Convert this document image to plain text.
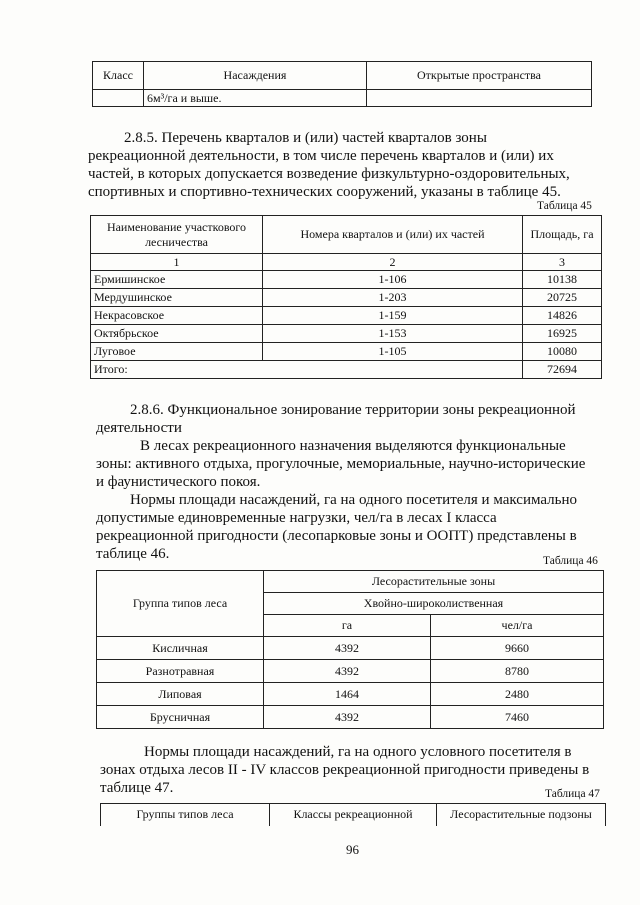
Класс	Насаждения	Открытые пространства
	6м³/га и выше.	
2.8.5. Перечень кварталов и (или) частей кварталов зоны
рекреационной деятельности, в том числе перечень кварталов и (или) их
частей, в которых допускается возведение физкультурно-оздоровительных,
спортивных и спортивно-технических сооружений, указаны в таблице 45.
Таблица 45
Наименование участкового лесничества	Номера кварталов и (или) их частей	Площадь, га
1	2	3
Ермишинское	1-106	10138
Мердушинское	1-203	20725
Некрасовское	1-159	14826
Октябрьское	1-153	16925
Луговое	1-105	10080
Итого:		72694
2.8.6. Функциональное зонирование территории зоны рекреационной
деятельности
В лесах рекреационного назначения выделяются функциональные
зоны: активного отдыха, прогулочные, мемориальные, научно-исторические
и фаунистического покоя.
Нормы площади насаждений, га на одного посетителя и максимально
допустимые единовременные нагрузки, чел/га в лесах I класса
рекреационной пригодности (лесопарковые зоны и ООПТ) представлены в
таблице 46.	Таблица 46
Группа типов леса	Лесорастительные зоны	
	Хвойно-широколиственная	
	га	чел/га
Кисличная	4392	9660
Разнотравная	4392	8780
Липовая	1464	2480
Брусничная	4392	7460
Нормы площади насаждений, га на одного условного посетителя в
зонах отдыха лесов II - IV классов рекреационной пригодности приведены в
таблице 47.	Таблица 47
Группы типов леса	Классы рекреационной	Лесорастительные подзоны
96
